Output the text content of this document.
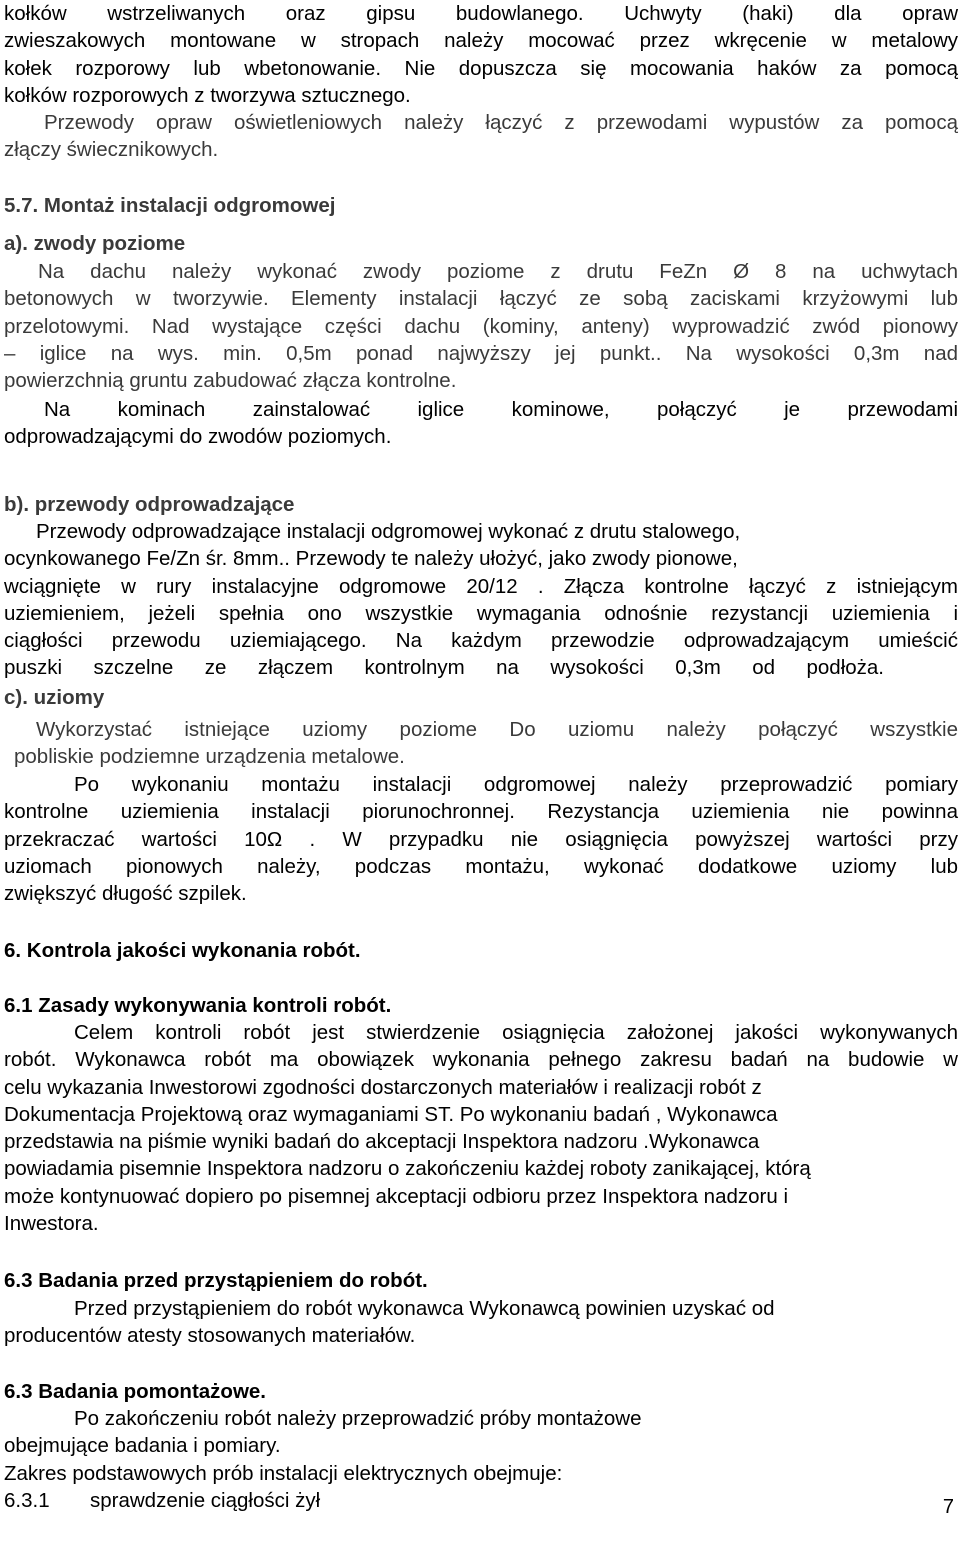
kołków wstrzeliwanych oraz gipsu budowlanego. Uchwyty (haki) dla opraw

zwieszakowych montowane w stropach należy mocować przez wkręcenie w metalowy

kołek rozporowy lub wbetonowanie. Nie dopuszcza się mocowania haków za pomocą

kołków rozporowych z tworzywa sztucznego.

Przewody opraw oświetleniowych należy łączyć z przewodami wypustów za pomocą

złączy świecznikowych.

5.7. Montaż instalacji odgromowej

a). zwody poziome

Na dachu należy wykonać zwody poziome z drutu FeZn Ø 8 na uchwytach

betonowych w tworzywie. Elementy instalacji łączyć ze sobą zaciskami krzyżowymi lub

przelotowymi. Nad wystające części dachu (kominy, anteny) wyprowadzić zwód pionowy

– iglice na wys. min. 0,5m ponad najwyższy jej punkt.. Na wysokości 0,3m nad

powierzchnią gruntu zabudować złącza kontrolne.

Na kominach zainstalować iglice kominowe, połączyć je przewodami

odprowadzającymi do zwodów poziomych.

b). przewody odprowadzające

Przewody odprowadzające instalacji odgromowej wykonać z drutu stalowego,

ocynkowanego Fe/Zn śr. 8mm.. Przewody te należy ułożyć, jako zwody pionowe,

wciągnięte w rury instalacyjne odgromowe 20/12 . Złącza kontrolne łączyć z istniejącym

uziemieniem, jeżeli spełnia ono wszystkie wymagania odnośnie rezystancji uziemienia i

ciągłości przewodu uziemiającego. Na każdym przewodzie odprowadzającym umieścić

puszki szczelne ze złączem kontrolnym na wysokości 0,3m od podłoża.

c). uziomy

Wykorzystać istniejące uziomy poziome Do uziomu należy połączyć wszystkie

pobliskie podziemne urządzenia metalowe.

Po wykonaniu montażu instalacji odgromowej należy przeprowadzić pomiary

kontrolne uziemienia instalacji piorunochronnej. Rezystancja uziemienia nie powinna

przekraczać wartości 10Ω . W przypadku nie osiągnięcia powyższej wartości przy

uziomach pionowych należy, podczas montażu, wykonać dodatkowe uziomy lub

zwiększyć długość szpilek.

6. Kontrola jakości wykonania robót.

6.1 Zasady wykonywania kontroli robót.

Celem kontroli robót jest stwierdzenie osiągnięcia założonej jakości wykonywanych

robót. Wykonawca robót ma obowiązek wykonania pełnego zakresu badań na budowie w

celu wykazania Inwestorowi zgodności dostarczonych materiałów i realizacji robót z

Dokumentacja Projektową oraz wymaganiami ST. Po wykonaniu badań , Wykonawca

przedstawia na piśmie wyniki badań do akceptacji Inspektora nadzoru .Wykonawca

powiadamia pisemnie Inspektora nadzoru o zakończeniu każdej roboty zanikającej, którą

może kontynuować dopiero po pisemnej akceptacji odbioru przez Inspektora nadzoru i

Inwestora.

6.3 Badania przed przystąpieniem do robót.

Przed przystąpieniem do robót wykonawca Wykonawcą powinien uzyskać od

producentów atesty stosowanych materiałów.

6.3 Badania pomontażowe.

Po zakończeniu robót należy przeprowadzić próby montażowe

obejmujące badania i pomiary.

Zakres podstawowych prób instalacji elektrycznych obejmuje:

6.3.1 sprawdzenie ciągłości żył	7
